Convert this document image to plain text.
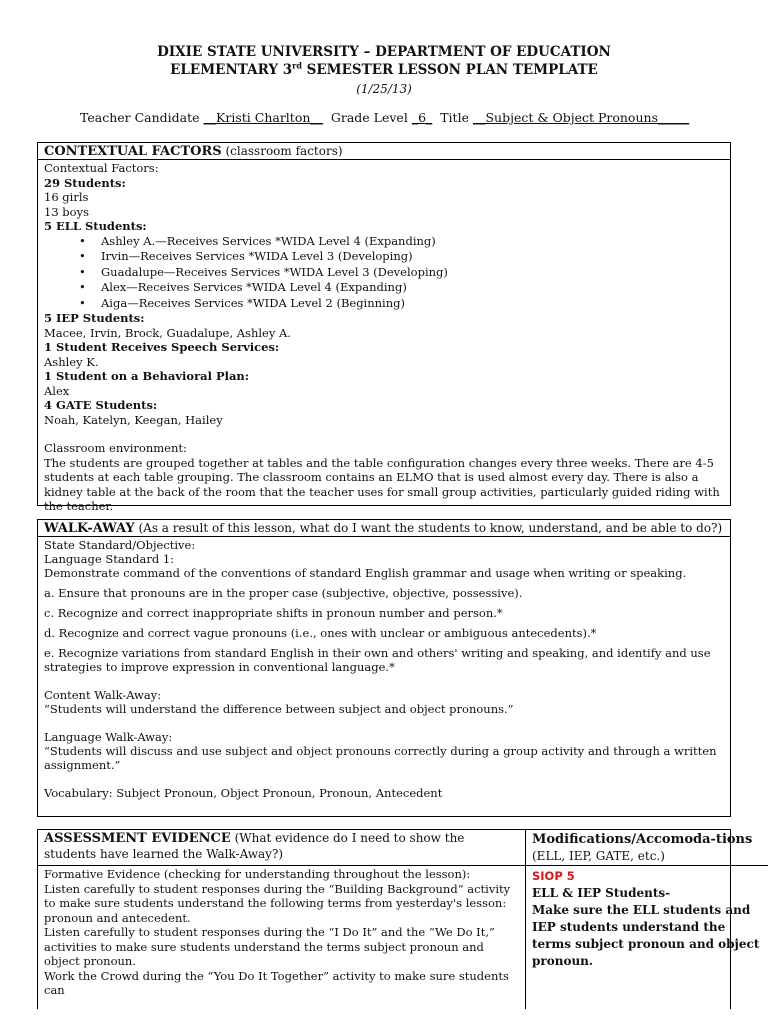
DIXIE STATE UNIVERSITY – DEPARTMENT OF EDUCATION
ELEMENTARY 3rd SEMESTER LESSON PLAN TEMPLATE
(1/25/13)
Teacher Candidate __Kristi Charlton__ Grade Level _6_ Title __Subject & Object Pronouns_____
CONTEXTUAL FACTORS (classroom factors)

Contextual Factors:

29 Students:

16 girls

13 boys

5 ELL Students:

• Ashley A.—Receives Services *WIDA Level 4 (Expanding)
• Irvin—Receives Services *WIDA Level 3 (Developing)
• Guadalupe—Receives Services *WIDA Level 3 (Developing)
• Alex—Receives Services *WIDA Level 4 (Expanding)
• Aiga—Receives Services *WIDA Level 2 (Beginning)

5 IEP Students:

Macee, Irvin, Brock, Guadalupe, Ashley A.

1 Student Receives Speech Services:

Ashley K.

1 Student on a Behavioral Plan:

Alex

4 GATE Students:

Noah, Katelyn, Keegan, Hailey

Classroom environment:

The students are grouped together at tables and the table configuration changes every three weeks. There are 4-5 students at each table grouping. The classroom contains an ELMO that is used almost every day. There is also a kidney table at the back of the room that the teacher uses for small group activities, particularly guided riding with the teacher.

WALK-AWAY (As a result of this lesson, what do I want the students to know, understand, and be able to do?)

State Standard/Objective:

Language Standard 1:

Demonstrate command of the conventions of standard English grammar and usage when writing or speaking.

a. Ensure that pronouns are in the proper case (subjective, objective, possessive).

c. Recognize and correct inappropriate shifts in pronoun number and person.*

d. Recognize and correct vague pronouns (i.e., ones with unclear or ambiguous antecedents).*

e. Recognize variations from standard English in their own and others' writing and speaking, and identify and use strategies to improve expression in conventional language.*

Content Walk-Away:

“Students will understand the difference between subject and object pronouns.”

Language Walk-Away:

“Students will discuss and use subject and object pronouns correctly during a group activity and through a written assignment.”

Vocabulary: Subject Pronoun, Object Pronoun, Pronoun, Antecedent

ASSESSMENT EVIDENCE (What evidence do I need to show the students have learned the Walk-Away?)

Formative Evidence (checking for understanding throughout the lesson):

Listen carefully to student responses during the “Building Background” activity to make sure students understand the following terms from yesterday's lesson: pronoun and antecedent.

Listen carefully to student responses during the “I Do It” and the “We Do It,” activities to make sure students understand the terms subject pronoun and object pronoun.

Work the Crowd during the “You Do It Together” activity to make sure students can

Modifications/Accomoda-tions (ELL, IEP, GATE, etc.)
SIOP 5
ELL & IEP Students-
Make sure the ELL students and IEP students understand the terms subject pronoun and object pronoun.
